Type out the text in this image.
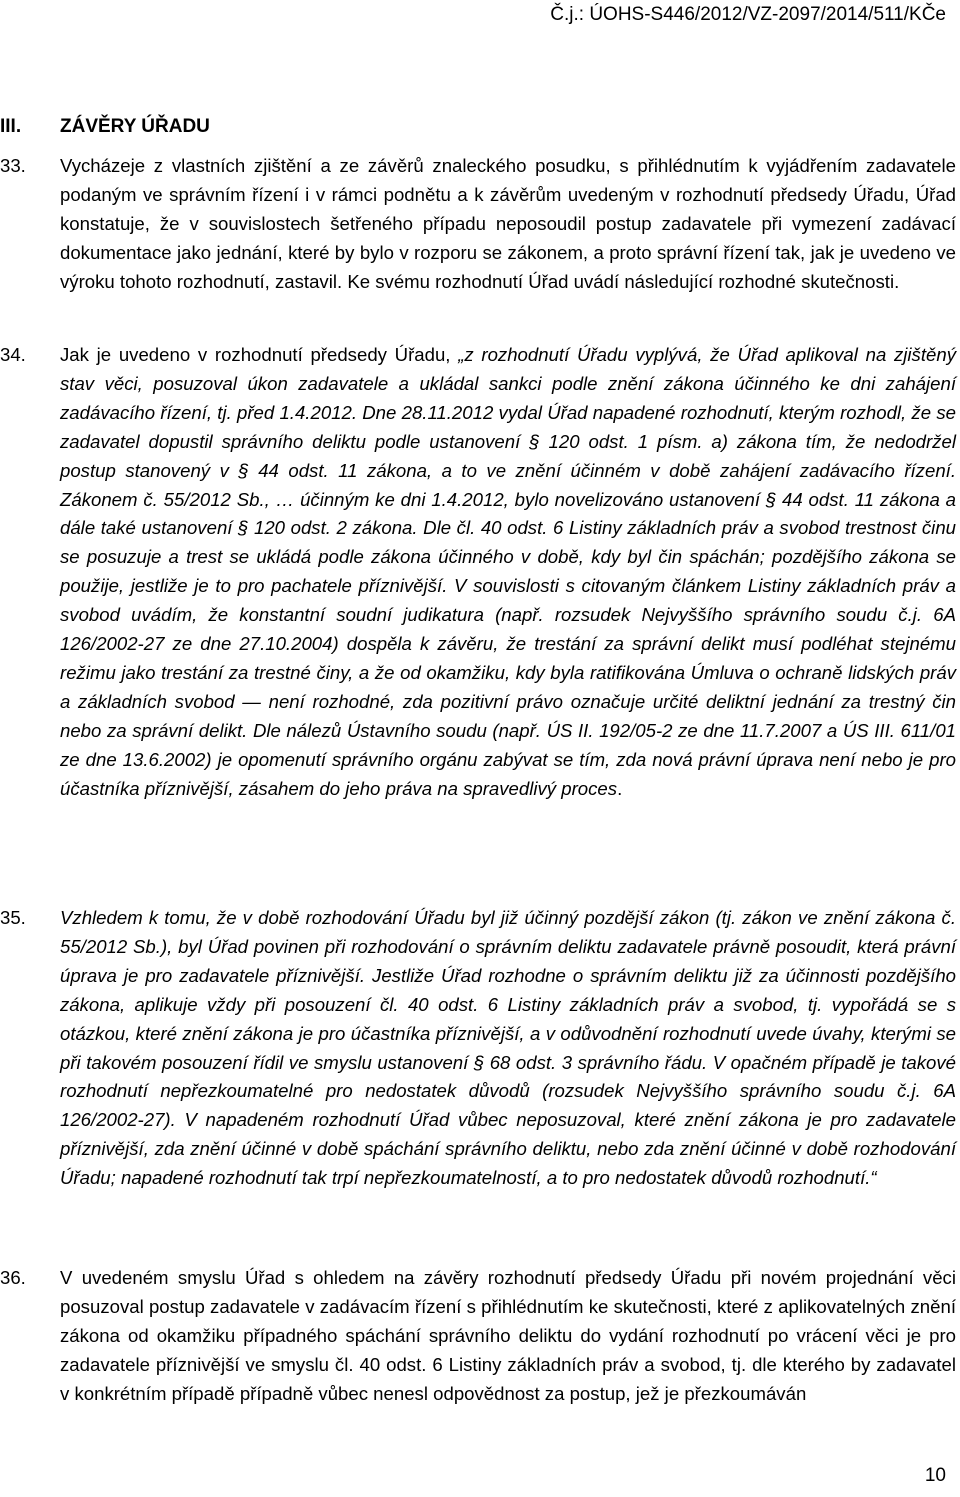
Č.j.: ÚOHS-S446/2012/VZ-2097/2014/511/KČe
III. ZÁVĚRY ÚŘADU
33.	Vycházeje z vlastních zjištění a ze závěrů znaleckého posudku, s přihlédnutím k vyjádřením zadavatele podaným ve správním řízení i v rámci podnětu a k závěrům uvedeným v rozhodnutí předsedy Úřadu, Úřad konstatuje, že v souvislostech šetřeného případu neposoudil postup zadavatele při vymezení zadávací dokumentace jako jednání, které by bylo v rozporu se zákonem, a proto správní řízení tak, jak je uvedeno ve výroku tohoto rozhodnutí, zastavil. Ke svému rozhodnutí Úřad uvádí následující rozhodné skutečnosti.
34.	Jak je uvedeno v rozhodnutí předsedy Úřadu, „z rozhodnutí Úřadu vyplývá, že Úřad aplikoval na zjištěný stav věci, posuzoval úkon zadavatele a ukládal sankci podle znění zákona účinného ke dni zahájení zadávacího řízení, tj. před 1.4.2012. Dne 28.11.2012 vydal Úřad napadené rozhodnutí, kterým rozhodl, že se zadavatel dopustil správního deliktu podle ustanovení § 120 odst. 1 písm. a) zákona tím, že nedodržel postup stanovený v § 44 odst. 11 zákona, a to ve znění účinném v době zahájení zadávacího řízení. Zákonem č. 55/2012 Sb., … účinným ke dni 1.4.2012, bylo novelizováno ustanovení § 44 odst. 11 zákona a dále také ustanovení § 120 odst. 2 zákona. Dle čl. 40 odst. 6 Listiny základních práv a svobod trestnost činu se posuzuje a trest se ukládá podle zákona účinného v době, kdy byl čin spáchán; pozdějšího zákona se použije, jestliže je to pro pachatele příznivější. V souvislosti s citovaným článkem Listiny základních práv a svobod uvádím, že konstantní soudní judikatura (např. rozsudek Nejvyššího správního soudu č.j. 6A 126/2002-27 ze dne 27.10.2004) dospěla k závěru, že trestání za správní delikt musí podléhat stejnému režimu jako trestání za trestné činy, a že od okamžiku, kdy byla ratifikována Úmluva o ochraně lidských práv a základních svobod — není rozhodné, zda pozitivní právo označuje určité deliktní jednání za trestný čin nebo za správní delikt. Dle nálezů Ústavního soudu (např. ÚS II. 192/05-2 ze dne 11.7.2007 a ÚS III. 611/01 ze dne 13.6.2002) je opomenutí správního orgánu zabývat se tím, zda nová právní úprava není nebo je pro účastníka příznivější, zásahem do jeho práva na spravedlivý proces.
35.	Vzhledem k tomu, že v době rozhodování Úřadu byl již účinný pozdější zákon (tj. zákon ve znění zákona č. 55/2012 Sb.), byl Úřad povinen při rozhodování o správním deliktu zadavatele právně posoudit, která právní úprava je pro zadavatele příznivější. Jestliže Úřad rozhodne o správním deliktu již za účinnosti pozdějšího zákona, aplikuje vždy při posouzení čl. 40 odst. 6 Listiny základních práv a svobod, tj. vypořádá se s otázkou, které znění zákona je pro účastníka příznivější, a v odůvodnění rozhodnutí uvede úvahy, kterými se při takovém posouzení řídil ve smyslu ustanovení § 68 odst. 3 správního řádu. V opačném případě je takové rozhodnutí nepřezkoumatelné pro nedostatek důvodů (rozsudek Nejvyššího správního soudu č.j. 6A 126/2002-27). V napadeném rozhodnutí Úřad vůbec neposuzoval, které znění zákona je pro zadavatele příznivější, zda znění účinné v době spáchání správního deliktu, nebo zda znění účinné v době rozhodování Úřadu; napadené rozhodnutí tak trpí nepřezkoumatelností, a to pro nedostatek důvodů rozhodnutí.“
36.	V uvedeném smyslu Úřad s ohledem na závěry rozhodnutí předsedy Úřadu při novém projednání věci posuzoval postup zadavatele v zadávacím řízení s přihlédnutím ke skutečnosti, které z aplikovatelných znění zákona od okamžiku případného spáchání správního deliktu do vydání rozhodnutí po vrácení věci je pro zadavatele příznivější ve smyslu čl. 40 odst. 6 Listiny základních práv a svobod, tj. dle kterého by zadavatel v konkrétním případě případně vůbec nenesl odpovědnost za postup, jež je přezkoumáván
10
